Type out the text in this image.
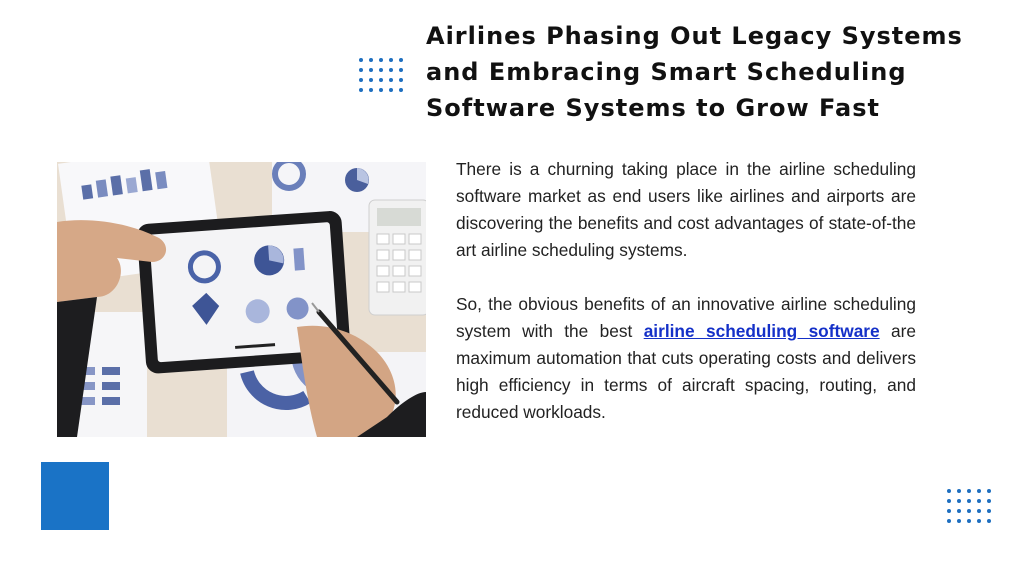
Airlines Phasing Out Legacy Systems and Embracing Smart Scheduling Software Systems to Grow Fast

There is a churning taking place in the airline scheduling software market as end users like airlines and airports are discovering the benefits and cost advantages of state-of-the art airline scheduling systems.

So, the obvious benefits of an innovative airline scheduling system with the best airline scheduling software are maximum automation that cuts operating costs and delivers high efficiency in terms of aircraft spacing, routing, and reduced workloads.
